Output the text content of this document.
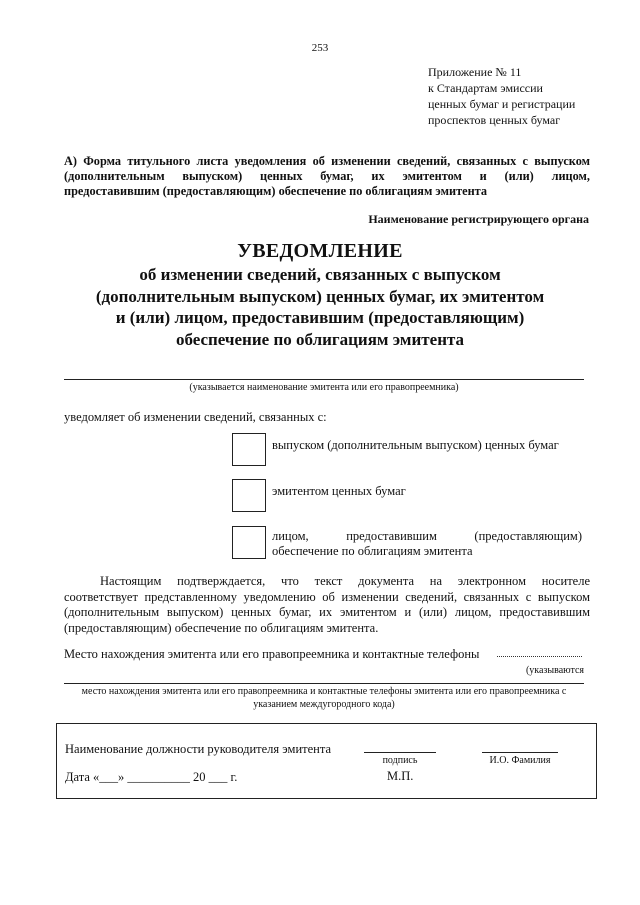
253
Приложение № 11
к Стандартам эмиссии
ценных бумаг и регистрации
проспектов ценных бумаг
А) Форма титульного листа уведомления об изменении сведений, связанных с выпуском
(дополнительным выпуском) ценных бумаг, их эмитентом и (или) лицом,
предоставившим (предоставляющим) обеспечение по облигациям эмитента
Наименование регистрирующего органа
УВЕДОМЛЕНИЕ
об изменении сведений, связанных с выпуском
(дополнительным выпуском) ценных бумаг, их эмитентом
и (или) лицом, предоставившим (предоставляющим)
обеспечение по облигациям эмитента
(указывается наименование эмитента или его правопреемника)
уведомляет об изменении сведений, связанных с:
выпуском (дополнительным выпуском) ценных бумаг
эмитентом ценных бумаг
лицом, предоставившим (предоставляющим)
обеспечение по облигациям эмитента
Настоящим подтверждается, что текст документа на электронном носителе
соответствует представленному уведомлению об изменении сведений, связанных с выпуском
(дополнительным выпуском) ценных бумаг, их эмитентом и (или) лицом, предоставившим
(предоставляющим) обеспечение по облигациям эмитента.
Место нахождения эмитента или его правопреемника и контактные телефоны
(указываются
место нахождения эмитента или его правопреемника и контактные телефоны эмитента или его правопреемника с
указанием междугородного кода)
Наименование должности руководителя эмитента
подпись	И.О. Фамилия
Дата «___» __________ 20 ___ г.	М.П.
